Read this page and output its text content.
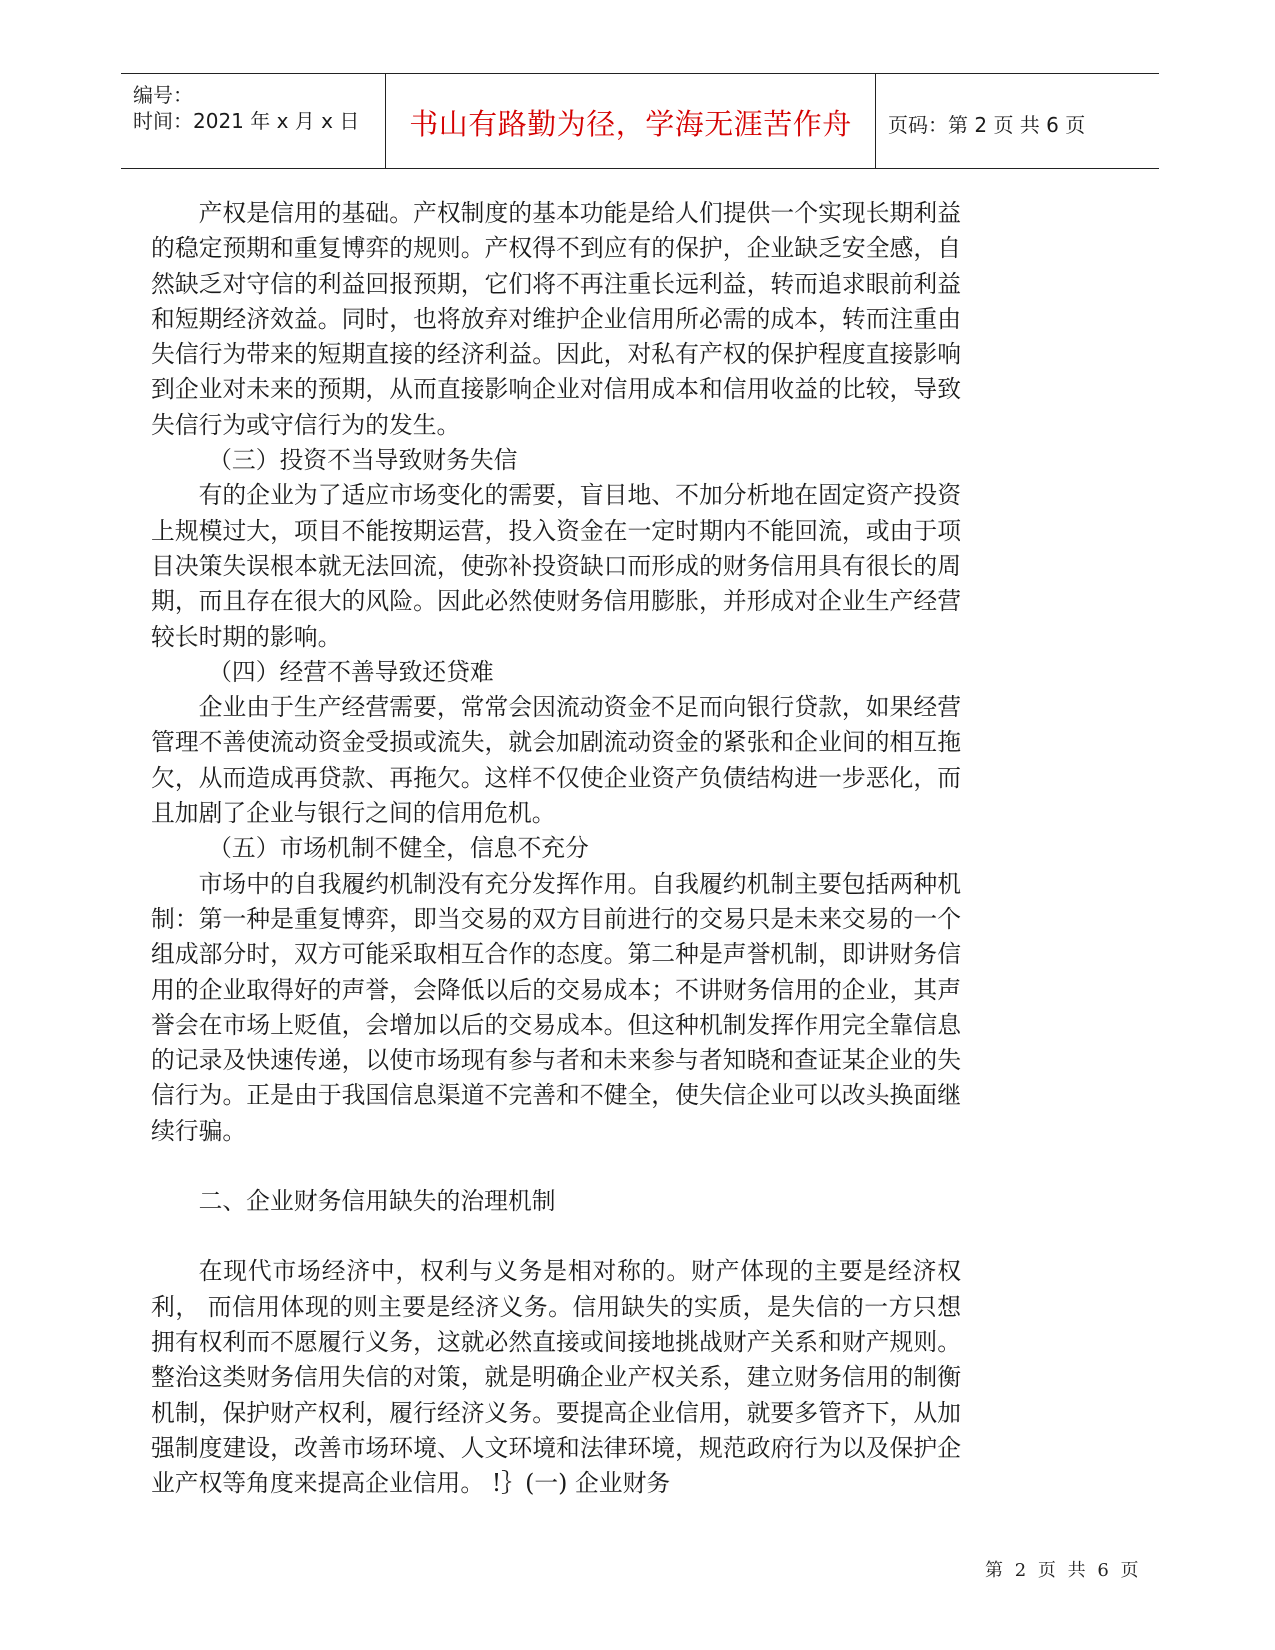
编号：
时间：2021 年 x 月 x 日	书山有路勤为径，学海无涯苦作舟	页码：第 2 页 共 6 页

产权是信用的基础。产权制度的基本功能是给人们提供一个实现长期利益的稳定预期和重复博弈的规则。产权得不到应有的保护，企业缺乏安全感，自然缺乏对守信的利益回报预期，它们将不再注重长远利益，转而追求眼前利益和短期经济效益。同时，也将放弃对维护企业信用所必需的成本，转而注重由失信行为带来的短期直接的经济利益。因此，对私有产权的保护程度直接影响到企业对未来的预期，从而直接影响企业对信用成本和信用收益的比较，导致失信行为或守信行为的发生。

（三）投资不当导致财务失信

有的企业为了适应市场变化的需要，盲目地、不加分析地在固定资产投资上规模过大，项目不能按期运营，投入资金在一定时期内不能回流，或由于项目决策失误根本就无法回流，使弥补投资缺口而形成的财务信用具有很长的周期，而且存在很大的风险。因此必然使财务信用膨胀，并形成对企业生产经营较长时期的影响。

（四）经营不善导致还贷难

企业由于生产经营需要，常常会因流动资金不足而向银行贷款，如果经营管理不善使流动资金受损或流失，就会加剧流动资金的紧张和企业间的相互拖欠，从而造成再贷款、再拖欠。这样不仅使企业资产负债结构进一步恶化，而且加剧了企业与银行之间的信用危机。

（五）市场机制不健全，信息不充分

市场中的自我履约机制没有充分发挥作用。自我履约机制主要包括两种机制：第一种是重复博弈，即当交易的双方目前进行的交易只是未来交易的一个组成部分时，双方可能采取相互合作的态度。第二种是声誉机制，即讲财务信用的企业取得好的声誉，会降低以后的交易成本；不讲财务信用的企业，其声誉会在市场上贬值，会增加以后的交易成本。但这种机制发挥作用完全靠信息的记录及快速传递，以使市场现有参与者和未来参与者知晓和查证某企业的失信行为。正是由于我国信息渠道不完善和不健全，使失信企业可以改头换面继续行骗。

二、企业财务信用缺失的治理机制

在现代市场经济中，权利与义务是相对称的。财产体现的主要是经济权利， 而信用体现的则主要是经济义务。信用缺失的实质，是失信的一方只想拥有权利而不愿履行义务，这就必然直接或间接地挑战财产关系和财产规则。整治这类财务信用失信的对策，就是明确企业产权关系，建立财务信用的制衡机制，保护财产权利，履行经济义务。要提高企业信用，就要多管齐下，从加强制度建设，改善市场环境、人文环境和法律环境，规范政府行为以及保护企业产权等角度来提高企业信用。 !｝(一) 企业财务

第 2 页 共 6 页
